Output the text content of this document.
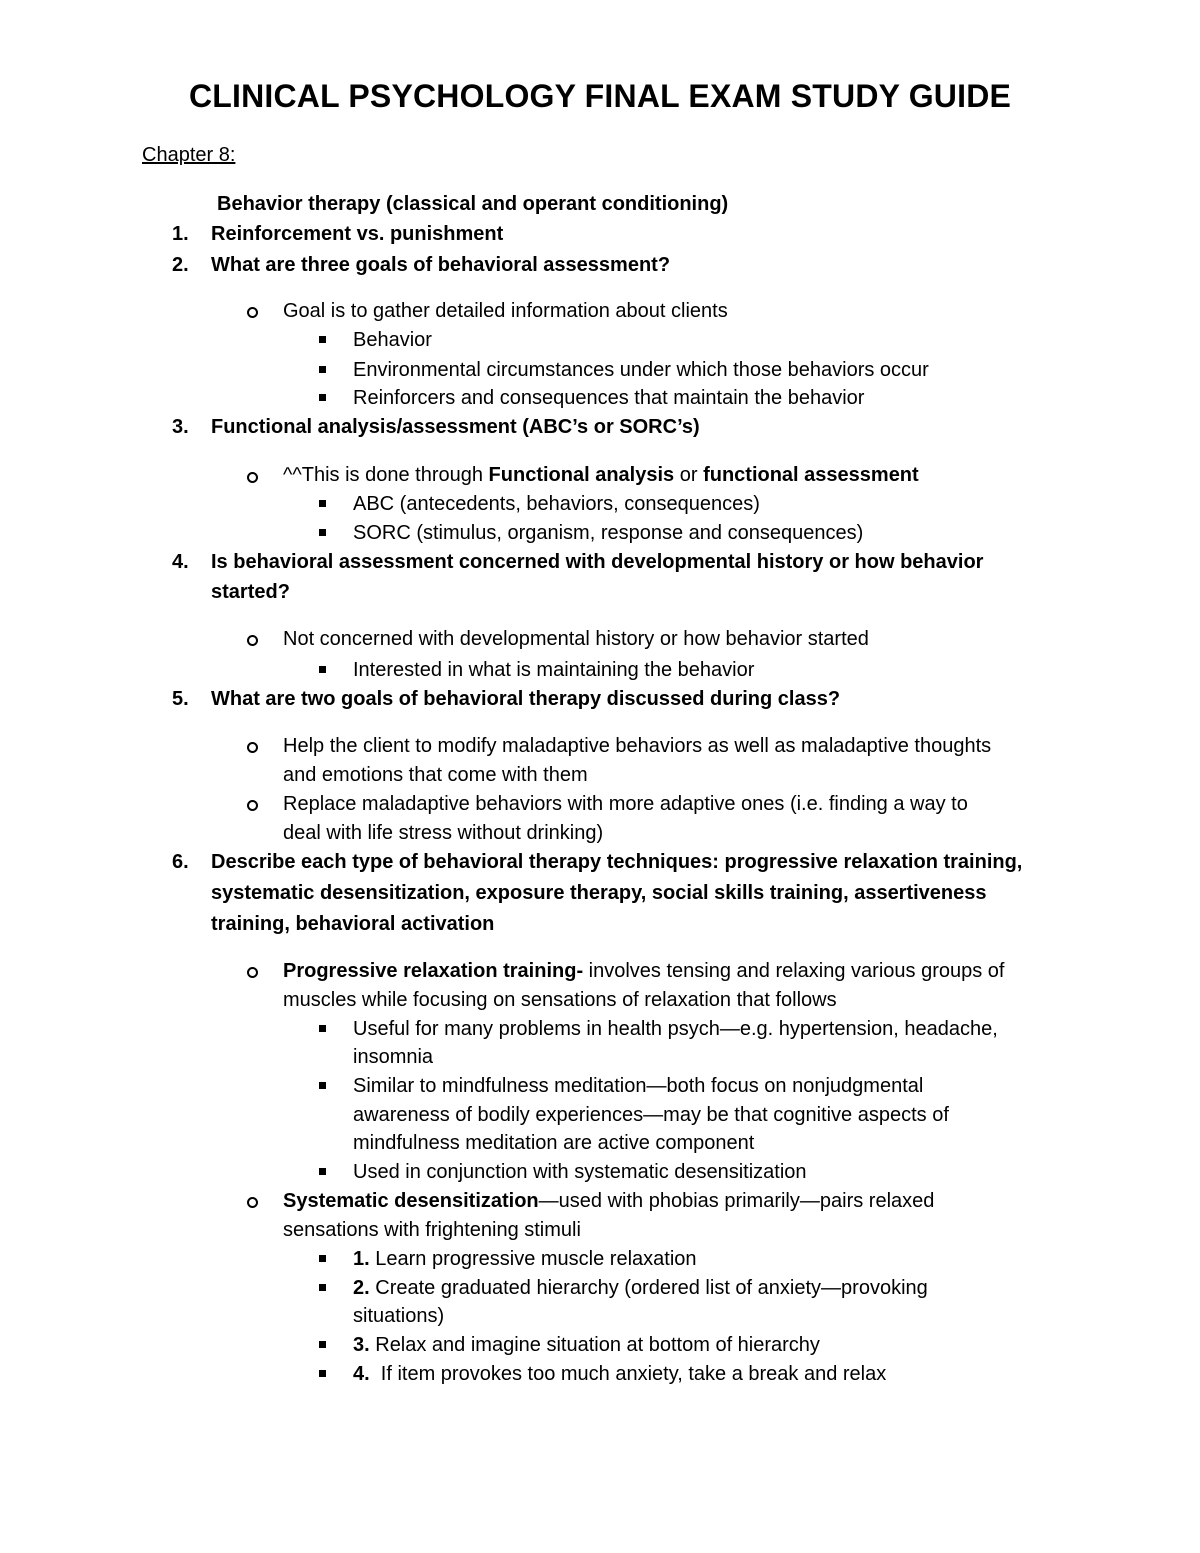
CLINICAL PSYCHOLOGY FINAL EXAM STUDY GUIDE

Chapter 8:

Behavior therapy (classical and operant conditioning)
1. Reinforcement vs. punishment
2. What are three goals of behavioral assessment?
Goal is to gather detailed information about clients
Behavior
Environmental circumstances under which those behaviors occur
Reinforcers and consequences that maintain the behavior
3. Functional analysis/assessment (ABC’s or SORC’s)
^^This is done through Functional analysis or functional assessment
ABC (antecedents, behaviors, consequences)
SORC (stimulus, organism, response and consequences)
4. Is behavioral assessment concerned with developmental history or how behavior
started?
Not concerned with developmental history or how behavior started
Interested in what is maintaining the behavior
5. What are two goals of behavioral therapy discussed during class?
Help the client to modify maladaptive behaviors as well as maladaptive thoughts
and emotions that come with them
Replace maladaptive behaviors with more adaptive ones (i.e. finding a way to
deal with life stress without drinking)
6. Describe each type of behavioral therapy techniques: progressive relaxation training,
systematic desensitization, exposure therapy, social skills training, assertiveness
training, behavioral activation
Progressive relaxation training- involves tensing and relaxing various groups of
muscles while focusing on sensations of relaxation that follows
Useful for many problems in health psych—e.g. hypertension, headache,
insomnia
Similar to mindfulness meditation—both focus on nonjudgmental
awareness of bodily experiences—may be that cognitive aspects of
mindfulness meditation are active component
Used in conjunction with systematic desensitization
Systematic desensitization—used with phobias primarily—pairs relaxed
sensations with frightening stimuli
1. Learn progressive muscle relaxation
2. Create graduated hierarchy (ordered list of anxiety—provoking
situations)
3. Relax and imagine situation at bottom of hierarchy
4.  If item provokes too much anxiety, take a break and relax
